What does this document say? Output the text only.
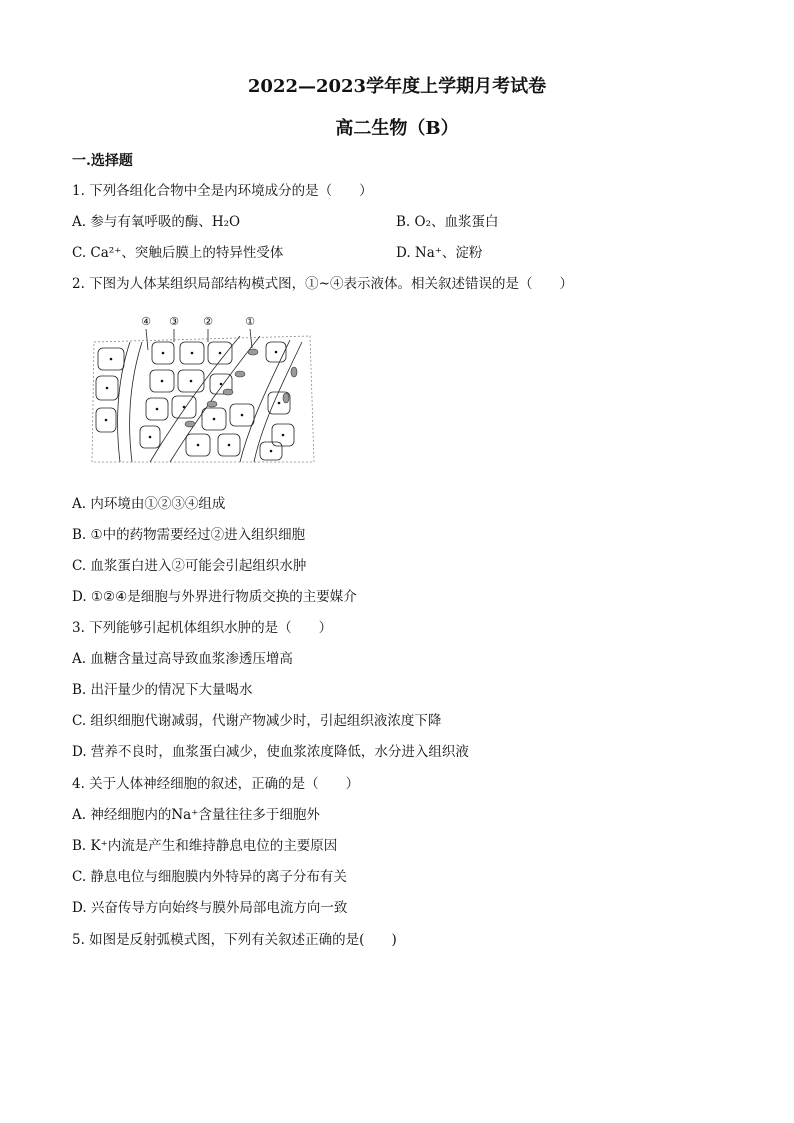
2022—2023学年度上学期月考试卷
高二生物（B）
一.选择题
1. 下列各组化合物中全是内环境成分的是（　　）
A. 参与有氧呼吸的酶、H₂O	B. O₂、血浆蛋白
C. Ca²⁺、突触后膜上的特异性受体	D. Na⁺、淀粉
2. 下图为人体某组织局部结构模式图，①~④表示液体。相关叙述错误的是（　　）
④ ③ ②	①
A. 内环境由①②③④组成
B. ①中的药物需要经过②进入组织细胞
C. 血浆蛋白进入②可能会引起组织水肿
D. ①②④是细胞与外界进行物质交换的主要媒介
3. 下列能够引起机体组织水肿的是（　　）
A. 血糖含量过高导致血浆渗透压增高
B. 出汗量少的情况下大量喝水
C. 组织细胞代谢减弱，代谢产物减少时，引起组织液浓度下降
D. 营养不良时，血浆蛋白减少，使血浆浓度降低，水分进入组织液
4. 关于人体神经细胞的叙述，正确的是（　　）
A. 神经细胞内的Na⁺含量往往多于细胞外
B. K⁺内流是产生和维持静息电位的主要原因
C. 静息电位与细胞膜内外特异的离子分布有关
D. 兴奋传导方向始终与膜外局部电流方向一致
5. 如图是反射弧模式图，下列有关叙述正确的是(　　)
